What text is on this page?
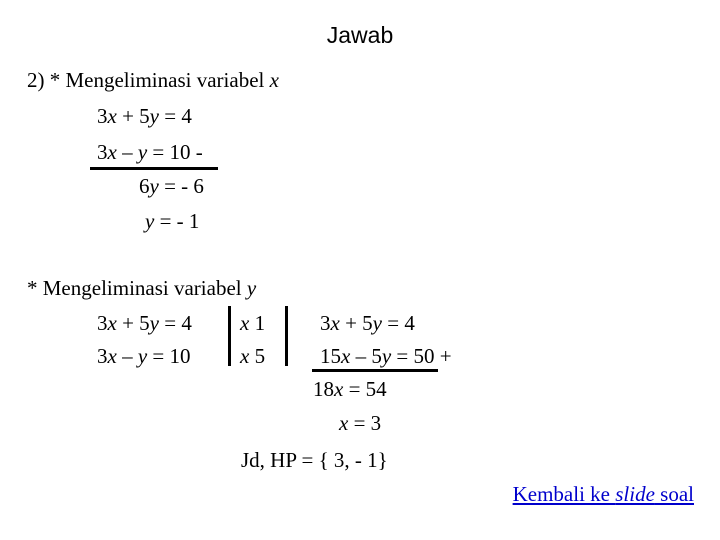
Jawab
2) * Mengeliminasi variabel x
3x + 5y = 4
3x – y = 10 -
6y = - 6
y = - 1
* Mengeliminasi variabel y
3x + 5y = 4
3x – y = 10
x 1
x 5
3x + 5y = 4
15x – 5y = 50 +
18x = 54
x = 3
Jd, HP = { 3, - 1}
Kembali ke slide soal
